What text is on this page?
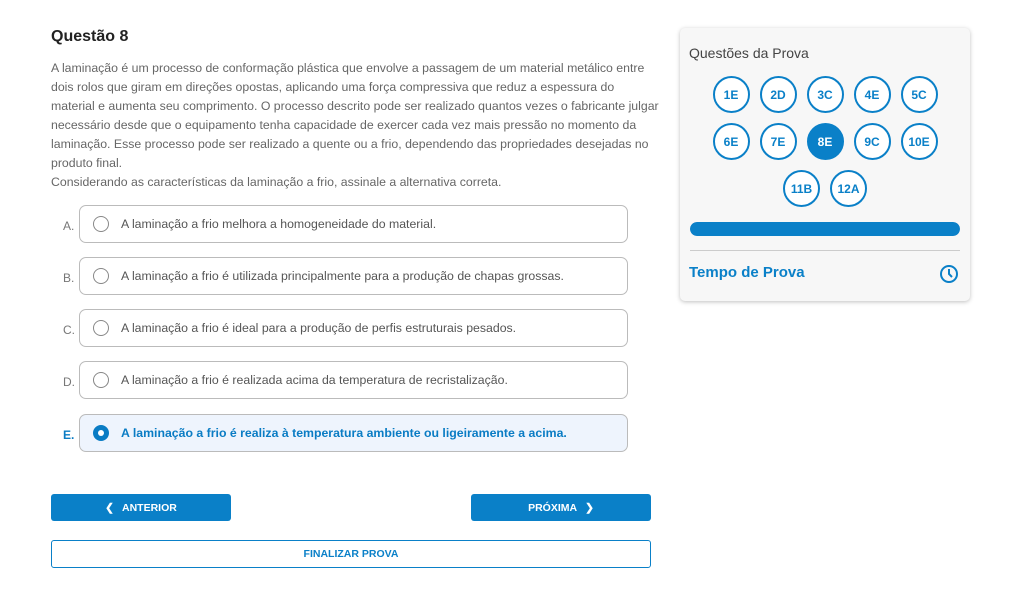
Questão 8
A laminação é um processo de conformação plástica que envolve a passagem de um material metálico entre dois rolos que giram em direções opostas, aplicando uma força compressiva que reduz a espessura do material e aumenta seu comprimento. O processo descrito pode ser realizado quantos vezes o fabricante julgar necessário desde que o equipamento tenha capacidade de exercer cada vez mais pressão no momento da laminação. Esse processo pode ser realizado a quente ou a frio, dependendo das propriedades desejadas no produto final.
Considerando as características da laminação a frio, assinale a alternativa correta.
A.	A laminação a frio melhora a homogeneidade do material.
B.	A laminação a frio é utilizada principalmente para a produção de chapas grossas.
C.	A laminação a frio é ideal para a produção de perfis estruturais pesados.
D.	A laminação a frio é realizada acima da temperatura de recristalização.
E.	A laminação a frio é realiza à temperatura ambiente ou ligeiramente a acima.
❮ ANTERIOR	PRÓXIMA ❯
FINALIZAR PROVA
Questões da Prova
1E	2D	3C	4E	5C
6E	7E	8E	9C	10E
11B	12A
Tempo de Prova
